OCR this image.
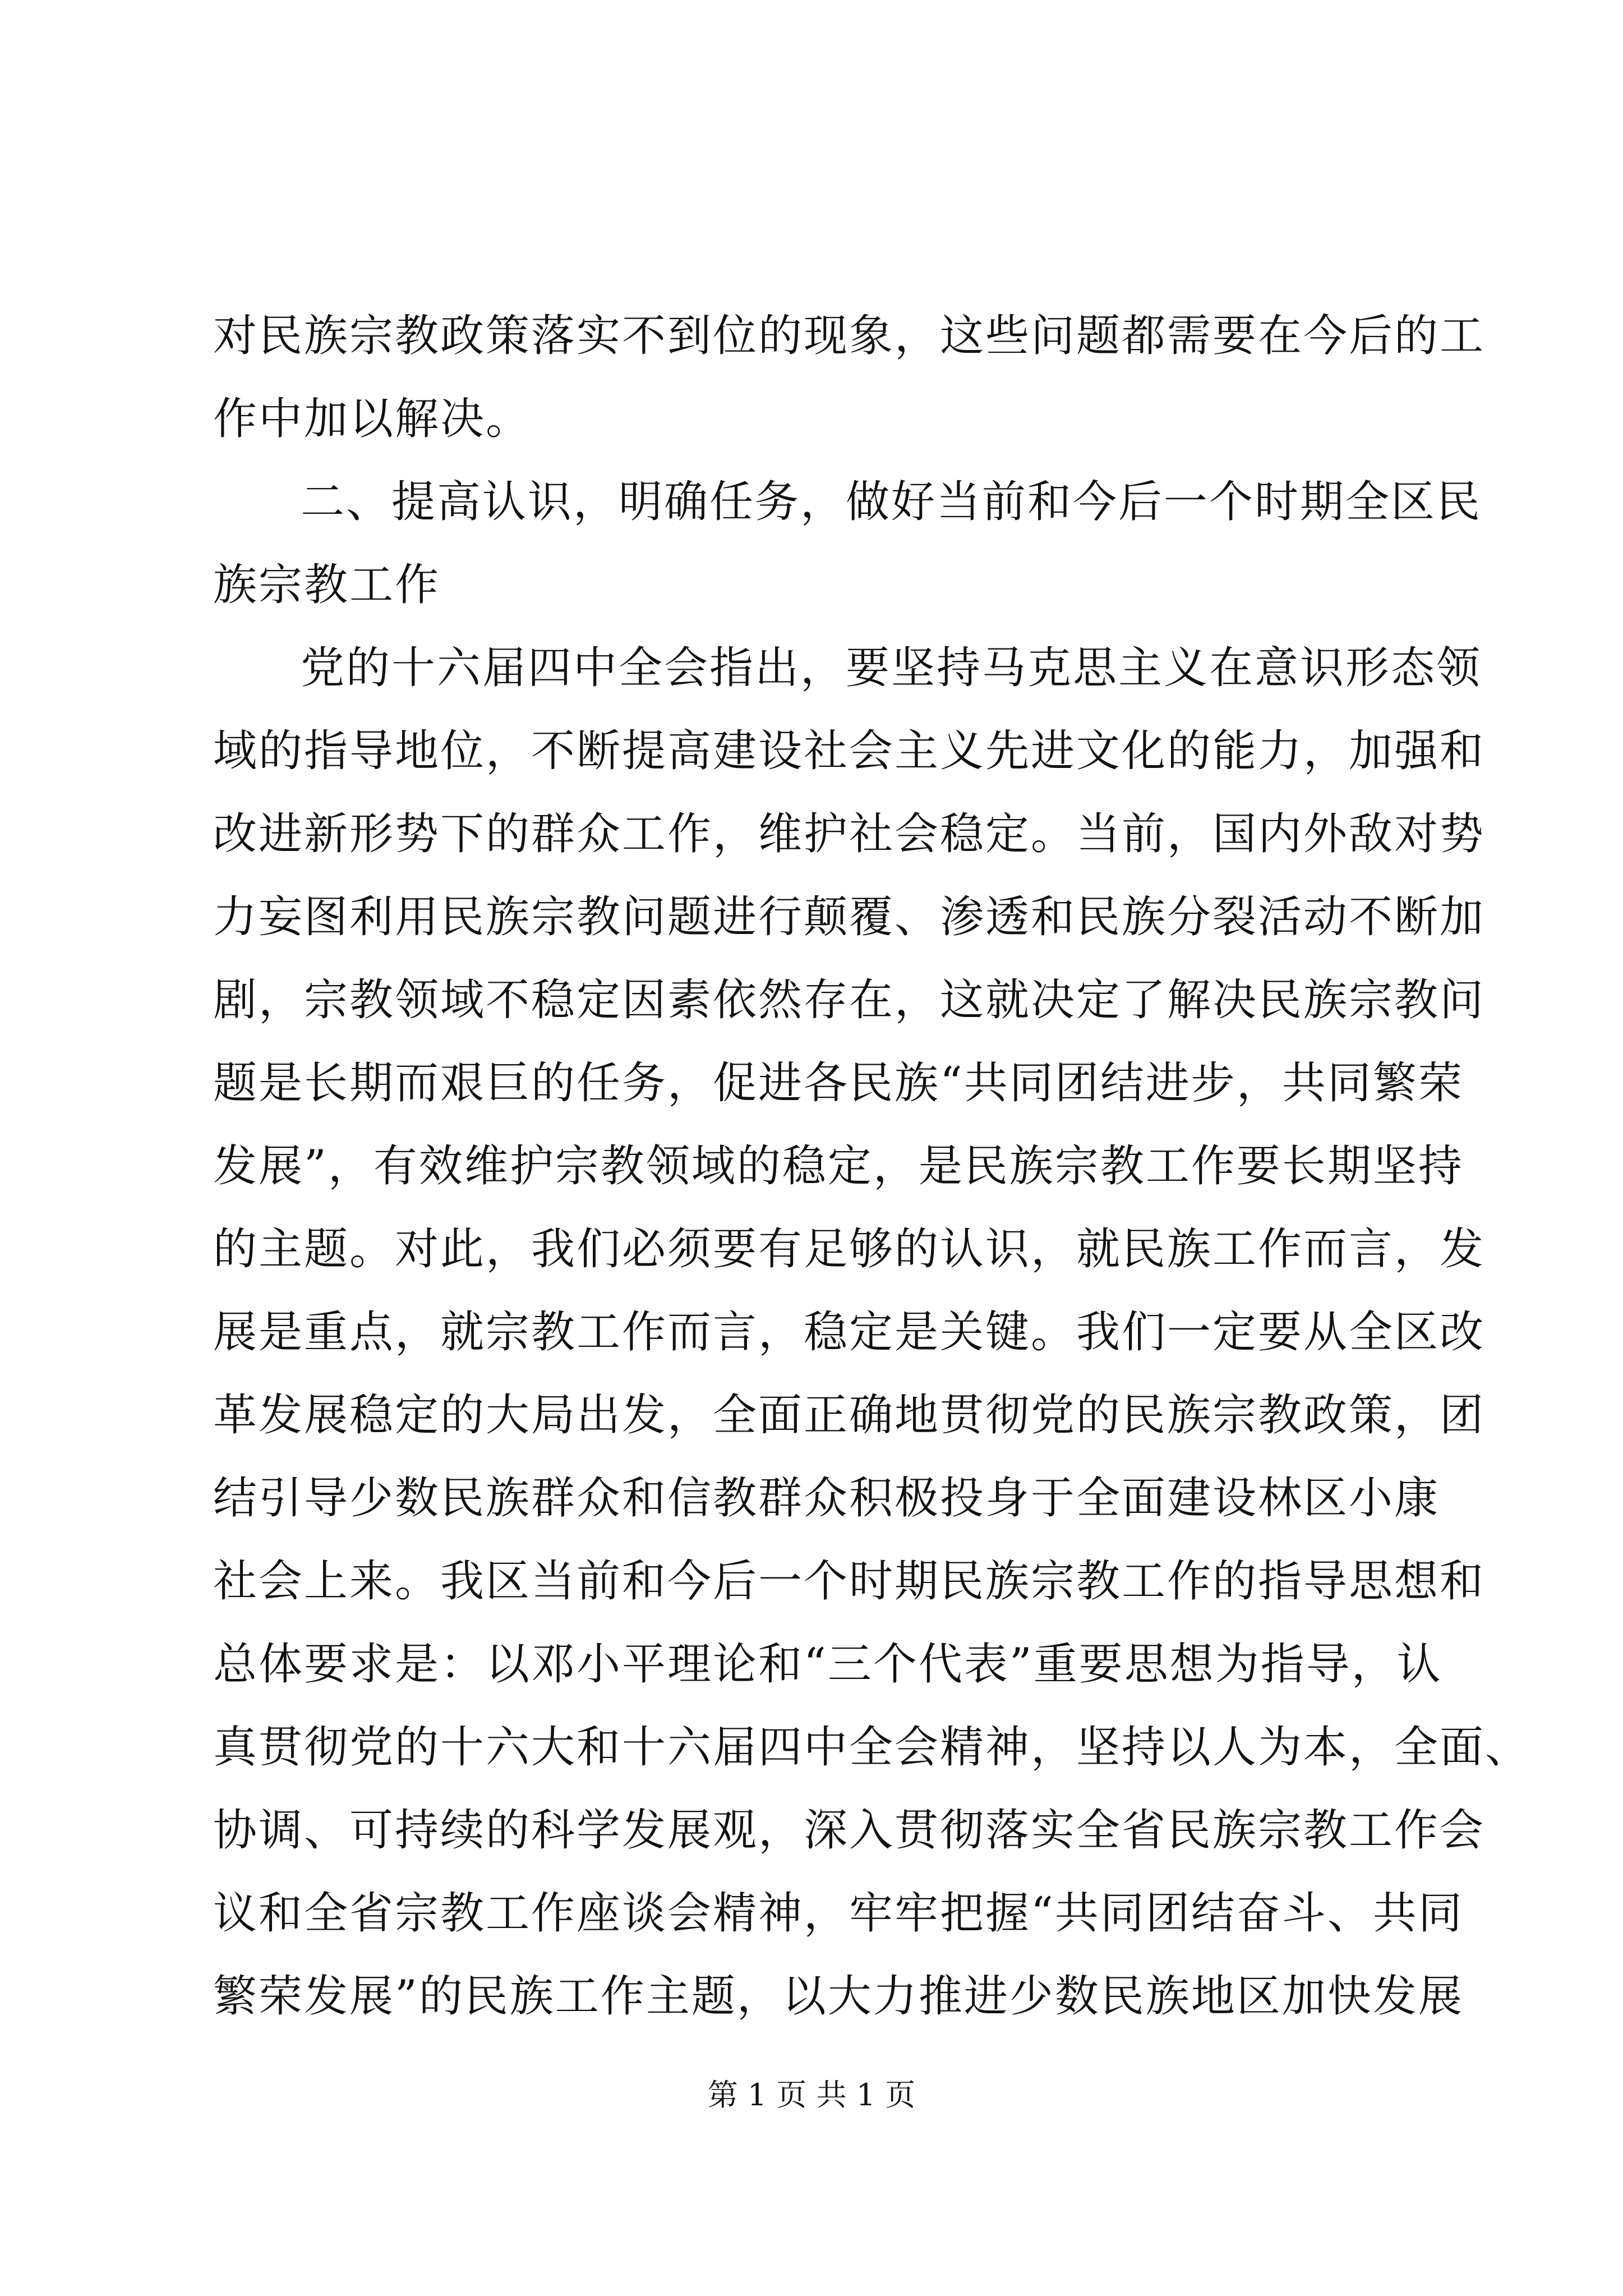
对民族宗教政策落实不到位的现象，这些问题都需要在今后的工
作中加以解决。
二、提高认识，明确任务，做好当前和今后一个时期全区民
族宗教工作
党的十六届四中全会指出，要坚持马克思主义在意识形态领
域的指导地位，不断提高建设社会主义先进文化的能力，加强和
改进新形势下的群众工作，维护社会稳定。当前，国内外敌对势
力妄图利用民族宗教问题进行颠覆、渗透和民族分裂活动不断加
剧，宗教领域不稳定因素依然存在，这就决定了解决民族宗教问
题是长期而艰巨的任务，促进各民族“共同团结进步，共同繁荣
发展”，有效维护宗教领域的稳定，是民族宗教工作要长期坚持
的主题。对此，我们必须要有足够的认识，就民族工作而言，发
展是重点，就宗教工作而言，稳定是关键。我们一定要从全区改
革发展稳定的大局出发，全面正确地贯彻党的民族宗教政策，团
结引导少数民族群众和信教群众积极投身于全面建设林区小康
社会上来。我区当前和今后一个时期民族宗教工作的指导思想和
总体要求是：以邓小平理论和“三个代表”重要思想为指导，认
真贯彻党的十六大和十六届四中全会精神，坚持以人为本，全面、
协调、可持续的科学发展观，深入贯彻落实全省民族宗教工作会
议和全省宗教工作座谈会精神，牢牢把握“共同团结奋斗、共同
繁荣发展”的民族工作主题，以大力推进少数民族地区加快发展
第 1 页 共 1 页
